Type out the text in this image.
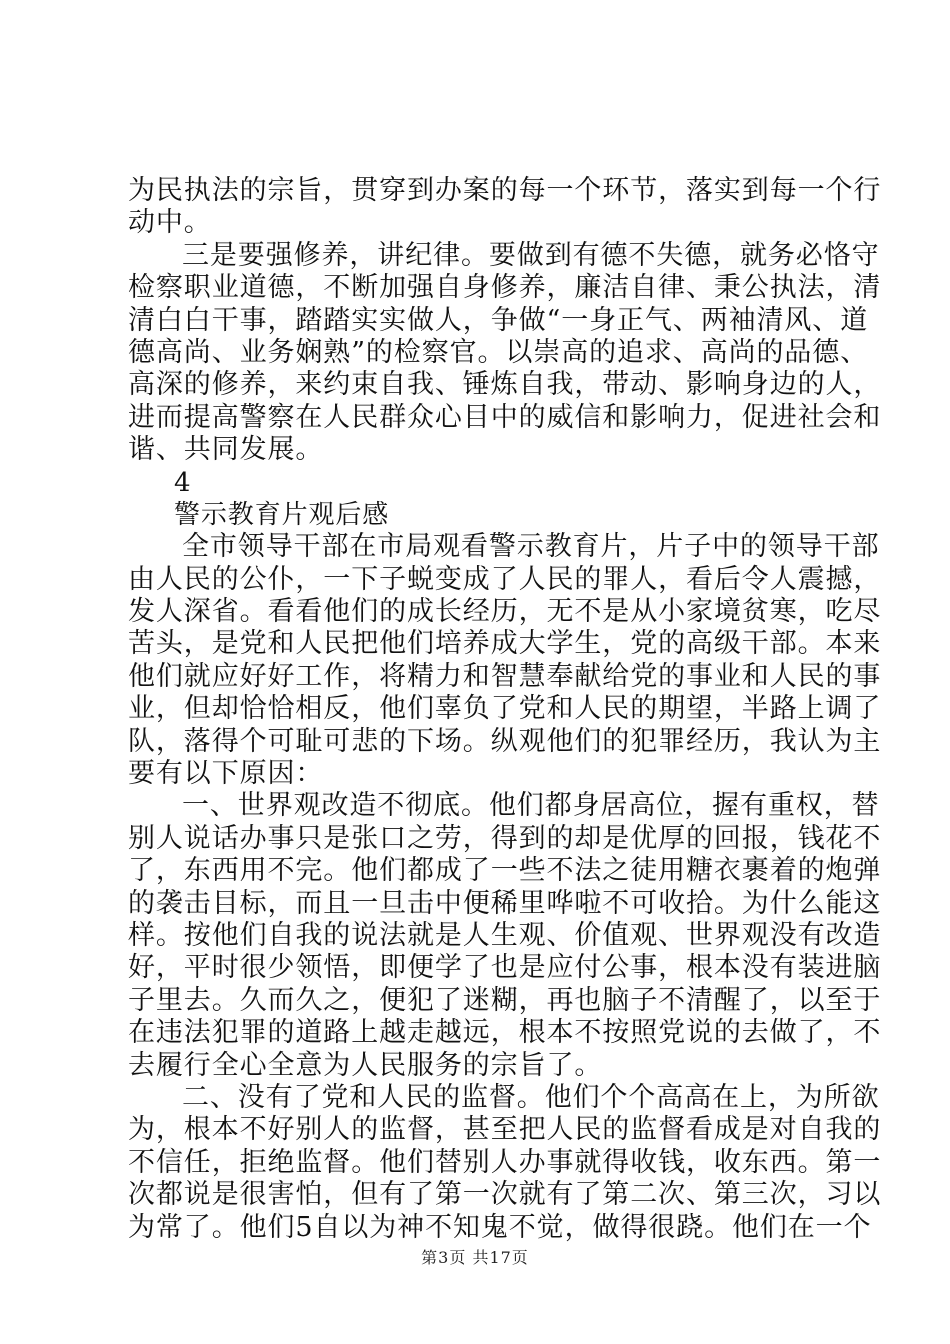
为民执法的宗旨，贯穿到办案的每一个环节，落实到每一个行
动中。
三是要强修养，讲纪律。要做到有德不失德，就务必恪守
检察职业道德，不断加强自身修养，廉洁自律、秉公执法，清
清白白干事，踏踏实实做人，争做“一身正气、两袖清风、道
德高尚、业务娴熟”的检察官。以崇高的追求、高尚的品德、
高深的修养，来约束自我、锤炼自我，带动、影响身边的人，
进而提高警察在人民群众心目中的威信和影响力，促进社会和
谐、共同发展。
4
警示教育片观后感
全市领导干部在市局观看警示教育片，片子中的领导干部
由人民的公仆，一下子蜕变成了人民的罪人，看后令人震撼，
发人深省。看看他们的成长经历，无不是从小家境贫寒，吃尽
苦头，是党和人民把他们培养成大学生，党的高级干部。本来
他们就应好好工作，将精力和智慧奉献给党的事业和人民的事
业，但却恰恰相反，他们辜负了党和人民的期望，半路上调了
队，落得个可耻可悲的下场。纵观他们的犯罪经历，我认为主
要有以下原因：
一、世界观改造不彻底。他们都身居高位，握有重权，替
别人说话办事只是张口之劳，得到的却是优厚的回报，钱花不
了，东西用不完。他们都成了一些不法之徒用糖衣裹着的炮弹
的袭击目标，而且一旦击中便稀里哗啦不可收拾。为什么能这
样。按他们自我的说法就是人生观、价值观、世界观没有改造
好，平时很少领悟，即便学了也是应付公事，根本没有装进脑
子里去。久而久之，便犯了迷糊，再也脑子不清醒了，以至于
在违法犯罪的道路上越走越远，根本不按照党说的去做了，不
去履行全心全意为人民服务的宗旨了。
二、没有了党和人民的监督。他们个个高高在上，为所欲
为，根本不好别人的监督，甚至把人民的监督看成是对自我的
不信任，拒绝监督。他们替别人办事就得收钱，收东西。第一
次都说是很害怕，但有了第一次就有了第二次、第三次，习以
为常了。他们5自以为神不知鬼不觉，做得很跷。他们在一个
第3页 共17页
